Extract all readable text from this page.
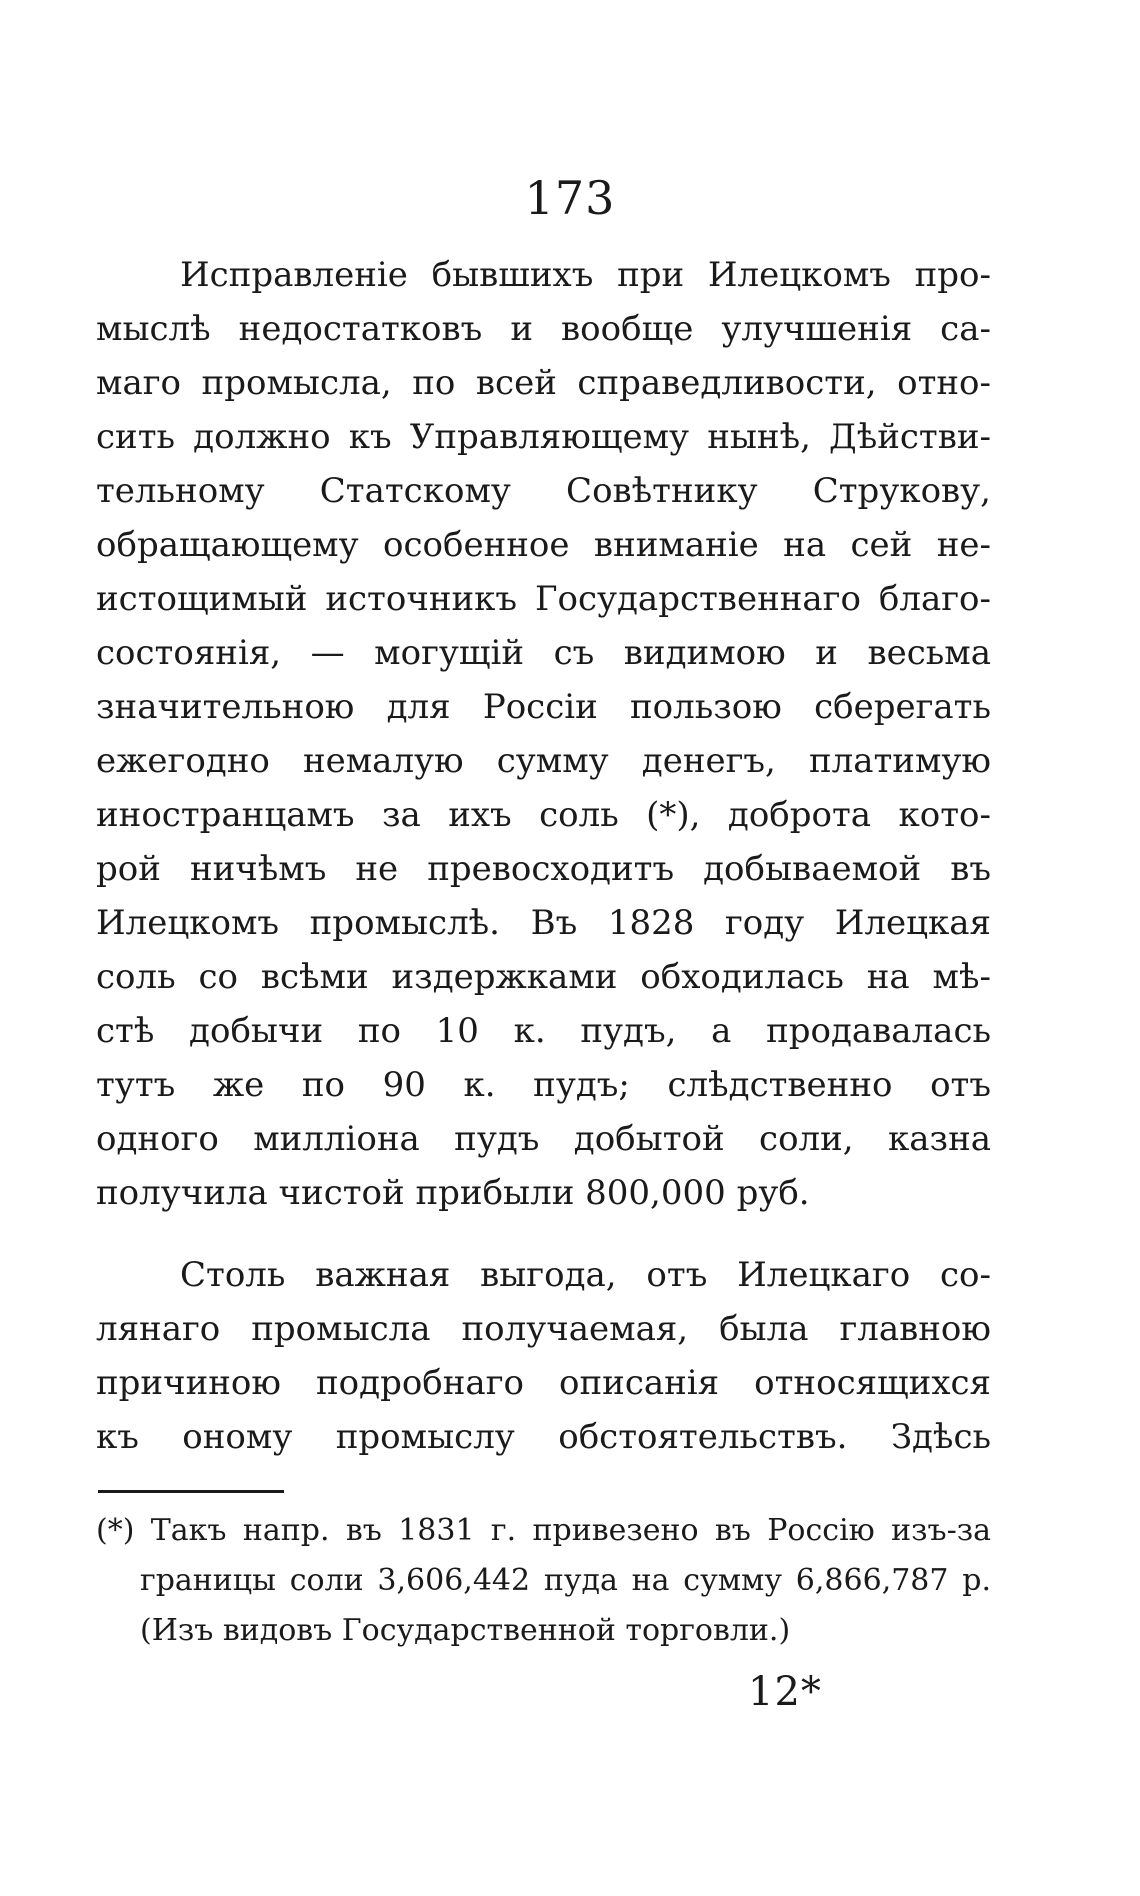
173
Исправленіе бывшихъ при Илецкомъ про-
мыслѣ недостатковъ и вообще улучшенія са-
маго промысла, по всей справедливости, отно-
сить должно къ Управляющему нынѣ, Дѣйстви-
тельному Статскому Совѣтнику Струкову,
обращающему особенное вниманіе на сей не-
истощимый источникъ Государственнаго благо-
состоянія, — могущій съ видимою и весьма
значительною для Россіи пользою сберегать
ежегодно немалую сумму денегъ, платимую
иностранцамъ за ихъ соль (*), доброта кото-
рой ничѣмъ не превосходитъ добываемой въ
Илецкомъ промыслѣ. Въ 1828 году Илецкая
соль со всѣми издержками обходилась на мѣ-
стѣ добычи по 10 к. пудъ, а продавалась
тутъ же по 90 к. пудъ; слѣдственно отъ
одного милліона пудъ добытой соли, казна
получила чистой прибыли 800,000 руб.
Столь важная выгода, отъ Илецкаго со-
лянаго промысла получаемая, была главною
причиною подробнаго описанія относящихся
къ оному промыслу обстоятельствъ. Здѣсь
(*) Такъ напр. въ 1831 г. привезено въ Россію изъ-за
границы соли 3,606,442 пуда на сумму 6,866,787 р.
(Изъ видовъ Государственной торговли.)
12*
